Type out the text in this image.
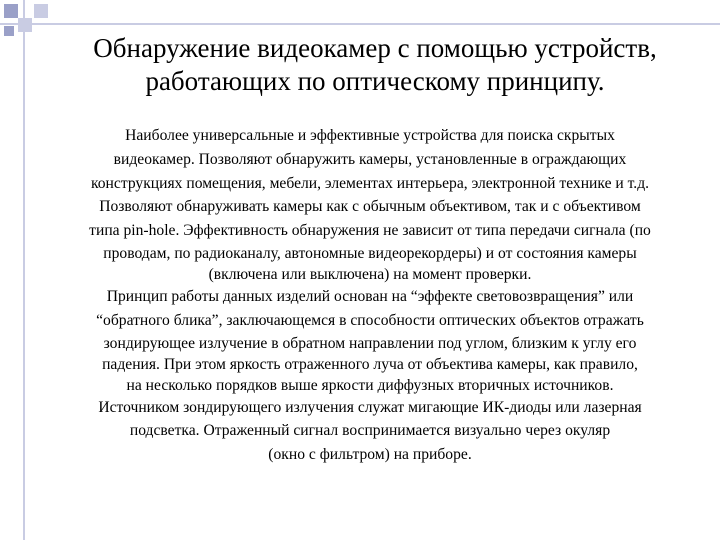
Обнаружение видеокамер с помощью устройств,
работающих по оптическому принципу.
Наиболее универсальные и эффективные устройства для поиска скрытых
видеокамер. Позволяют обнаружить камеры, установленные в ограждающих
конструкциях помещения, мебели, элементах интерьера, электронной технике и т.д.
Позволяют обнаруживать камеры как с обычным объективом, так и с объективом
типа pin-hole. Эффективность обнаружения не зависит от типа передачи сигнала (по
проводам, по радиоканалу, автономные видеорекордеры) и от состояния камеры
(включена или выключена) на момент проверки.
Принцип работы данных изделий основан на “эффекте световозвращения” или
“обратного блика”, заключающемся в способности оптических объектов отражать
зондирующее излучение в обратном направлении под углом, близким к углу его
падения. При этом яркость отраженного луча от объектива камеры, как правило,
на несколько порядков выше яркости диффузных вторичных источников.
Источником зондирующего излучения служат мигающие ИК-диоды или лазерная
подсветка. Отраженный сигнал воспринимается визуально через окуляр
(окно с фильтром) на приборе.
